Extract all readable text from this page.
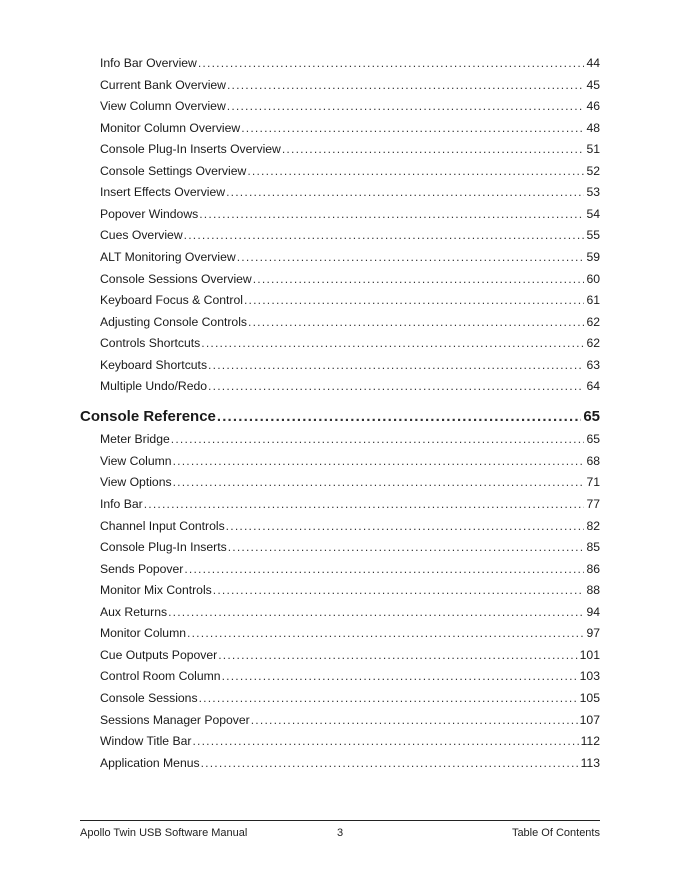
Info Bar Overview . . .	44
Current Bank Overview . . .	45
View Column Overview . . .	46
Monitor Column Overview . . .	48
Console Plug-In Inserts Overview . . .	51
Console Settings Overview . . .	52
Insert Effects Overview . . .	53
Popover Windows . . .	54
Cues Overview . . .	55
ALT Monitoring Overview . . .	59
Console Sessions Overview . . .	60
Keyboard Focus & Control . . .	61
Adjusting Console Controls . . .	62
Controls Shortcuts . . .	62
Keyboard Shortcuts . . .	63
Multiple Undo/Redo . . .	64
Console Reference . . .	65
Meter Bridge . . .	65
View Column . . .	68
View Options . . .	71
Info Bar . . .	77
Channel Input Controls . . .	82
Console Plug-In Inserts . . .	85
Sends Popover . . .	86
Monitor Mix Controls . . .	88
Aux Returns . . .	94
Monitor Column . . .	97
Cue Outputs Popover . . .	101
Control Room Column . . .	103
Console Sessions . . .	105
Sessions Manager Popover . . .	107
Window Title Bar . . .	112
Application Menus . . .	113
Apollo Twin USB Software Manual	3	Table Of Contents
